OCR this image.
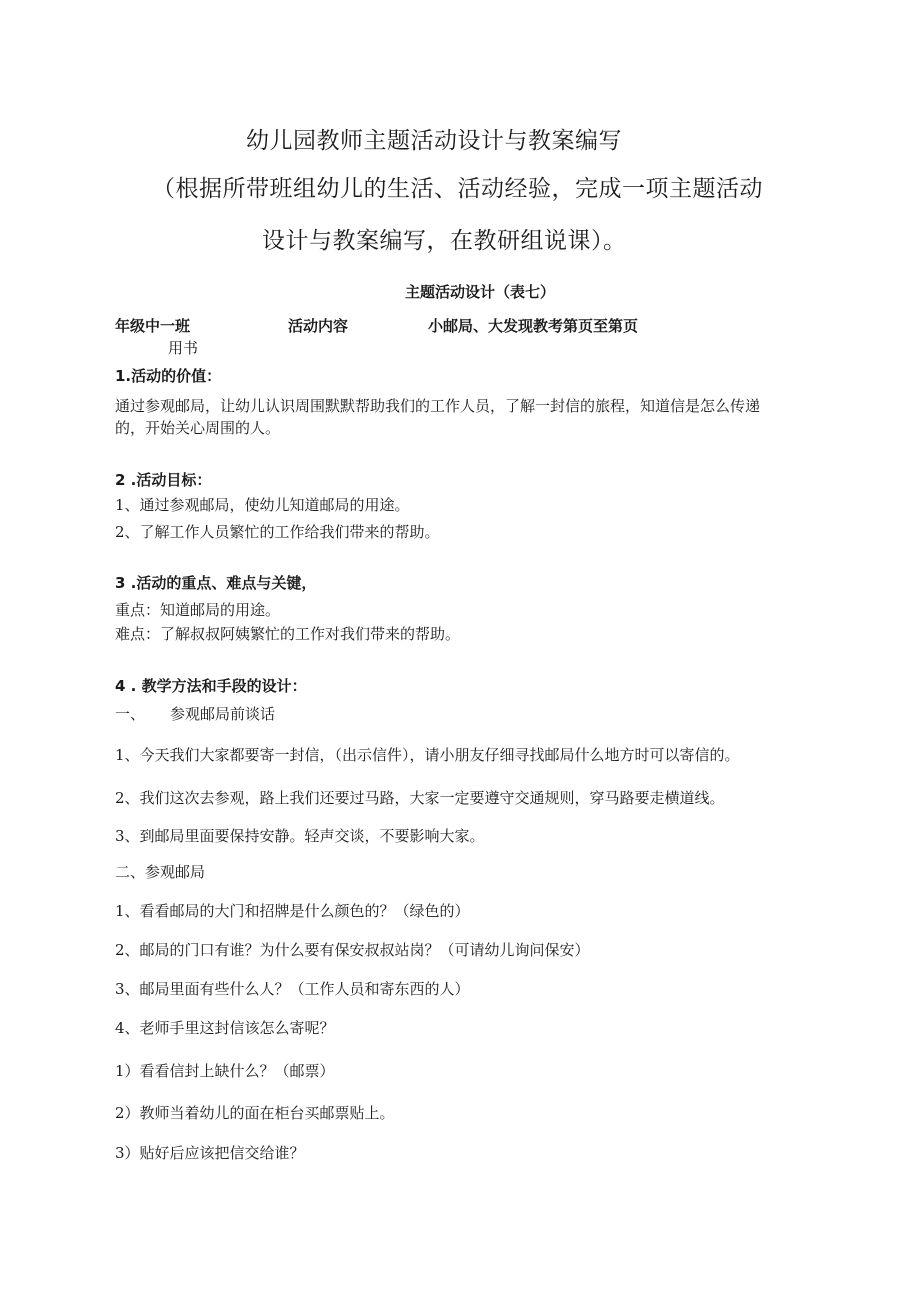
幼儿园教师主题活动设计与教案编写
（根据所带班组幼儿的生活、活动经验，完成一项主题活动
设计与教案编写，在教研组说课）。
主题活动设计（表七）
年级中一班	活动内容	小邮局、大发现教考第页至第页
用书
1.活动的价值：
通过参观邮局，让幼儿认识周围默默帮助我们的工作人员，了解一封信的旅程，知道信是怎么传递
的，开始关心周围的人。
2 .活动目标：
1、通过参观邮局，使幼儿知道邮局的用途。
2、了解工作人员繁忙的工作给我们带来的帮助。
3 .活动的重点、难点与关键，
重点：知道邮局的用途。
难点：了解叔叔阿姨繁忙的工作对我们带来的帮助。
4 . 教学方法和手段的设计：
一、 参观邮局前谈话
1、今天我们大家都要寄一封信，（出示信件），请小朋友仔细寻找邮局什么地方时可以寄信的。
2、我们这次去参观，路上我们还要过马路，大家一定要遵守交通规则，穿马路要走横道线。
3、到邮局里面要保持安静。轻声交谈，不要影响大家。
二、参观邮局
1、看看邮局的大门和招牌是什么颜色的？（绿色的）
2、邮局的门口有谁？为什么要有保安叔叔站岗？（可请幼儿询问保安）
3、邮局里面有些什么人？（工作人员和寄东西的人）
4、老师手里这封信该怎么寄呢？
1）看看信封上缺什么？（邮票）
2）教师当着幼儿的面在柜台买邮票贴上。
3）贴好后应该把信交给谁？
